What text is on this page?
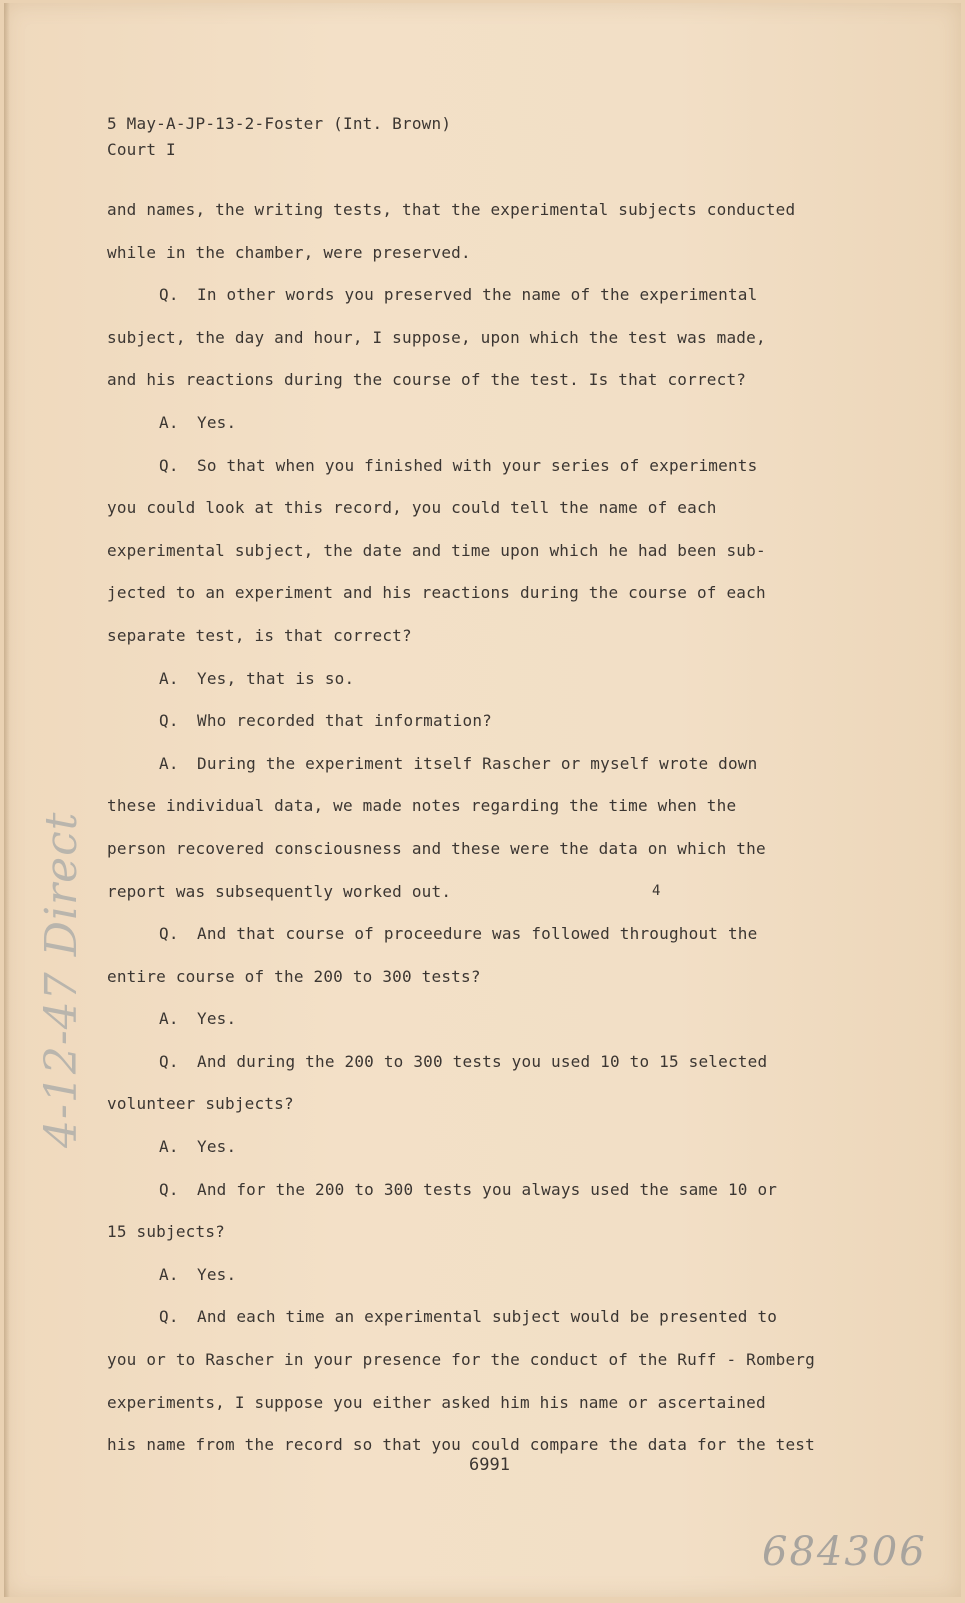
5 May-A-JP-13-2-Foster (Int. Brown)
Court I
and names, the writing tests, that the experimental subjects conducted
while in the chamber, were preserved.
Q. In other words you preserved the name of the experimental
subject, the day and hour, I suppose, upon which the test was made,
and his reactions during the course of the test. Is that correct?
A. Yes.
Q. So that when you finished with your series of experiments
you could look at this record, you could tell the name of each
experimental subject, the date and time upon which he had been sub-
jected to an experiment and his reactions during the course of each
separate test, is that correct?
A. Yes, that is so.
Q. Who recorded that information?
A. During the experiment itself Rascher or myself wrote down
these individual data, we made notes regarding the time when the
person recovered consciousness and these were the data on which the
report was subsequently worked out.
Q. And that course of proceedure was followed throughout the
entire course of the 200 to 300 tests?
A. Yes.
Q. And during the 200 to 300 tests you used 10 to 15 selected
volunteer subjects?
A. Yes.
Q. And for the 200 to 300 tests you always used the same 10 or
15 subjects?
A. Yes.
Q. And each time an experimental subject would be presented to
you or to Rascher in your presence for the conduct of the Ruff - Romberg
experiments, I suppose you either asked him his name or ascertained
his name from the record so that you could compare the data for the test
4
6991
4-12-47 Direct
684306
